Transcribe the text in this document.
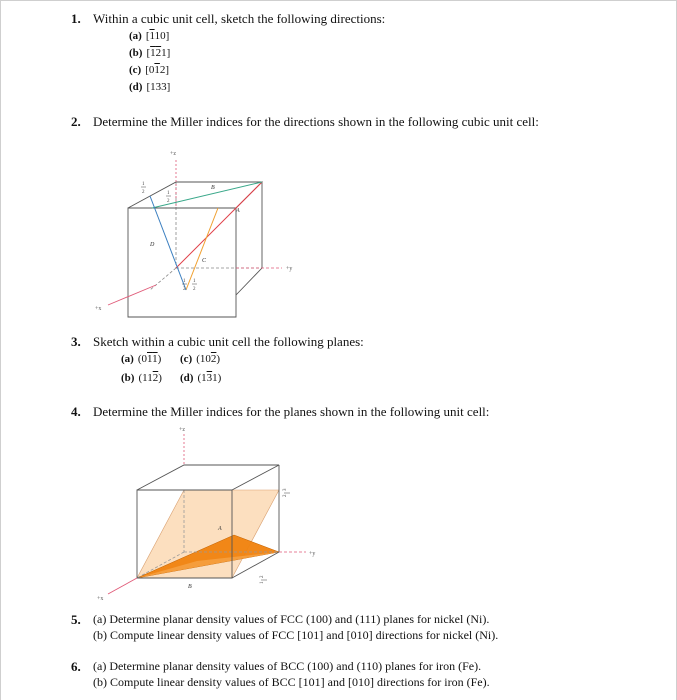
1. Within a cubic unit cell, sketch the following directions:
(a) [110]
(b) [121]
(c) [012]
(d) [133]
2. Determine the Miller indices for the directions shown in the following cubic unit cell:
+z
+y
+x
A
B
C
D
1
2	1
2
1
2
1
2
3. Sketch within a cubic unit cell the following planes:
(a) (011) (c) (102)
(b) (112) (d) (131)
4. Determine the Miller indices for the planes shown in the following unit cell:
+z
+y
+x
A
B
2
3
1
2
5. (a) Determine planar density values of FCC (100) and (111) planes for nickel (Ni).
(b) Compute linear density values of FCC [101] and [010] directions for nickel (Ni).
6. (a) Determine planar density values of BCC (100) and (110) planes for iron (Fe).
(b) Compute linear density values of BCC [101] and [010] directions for iron (Fe).
